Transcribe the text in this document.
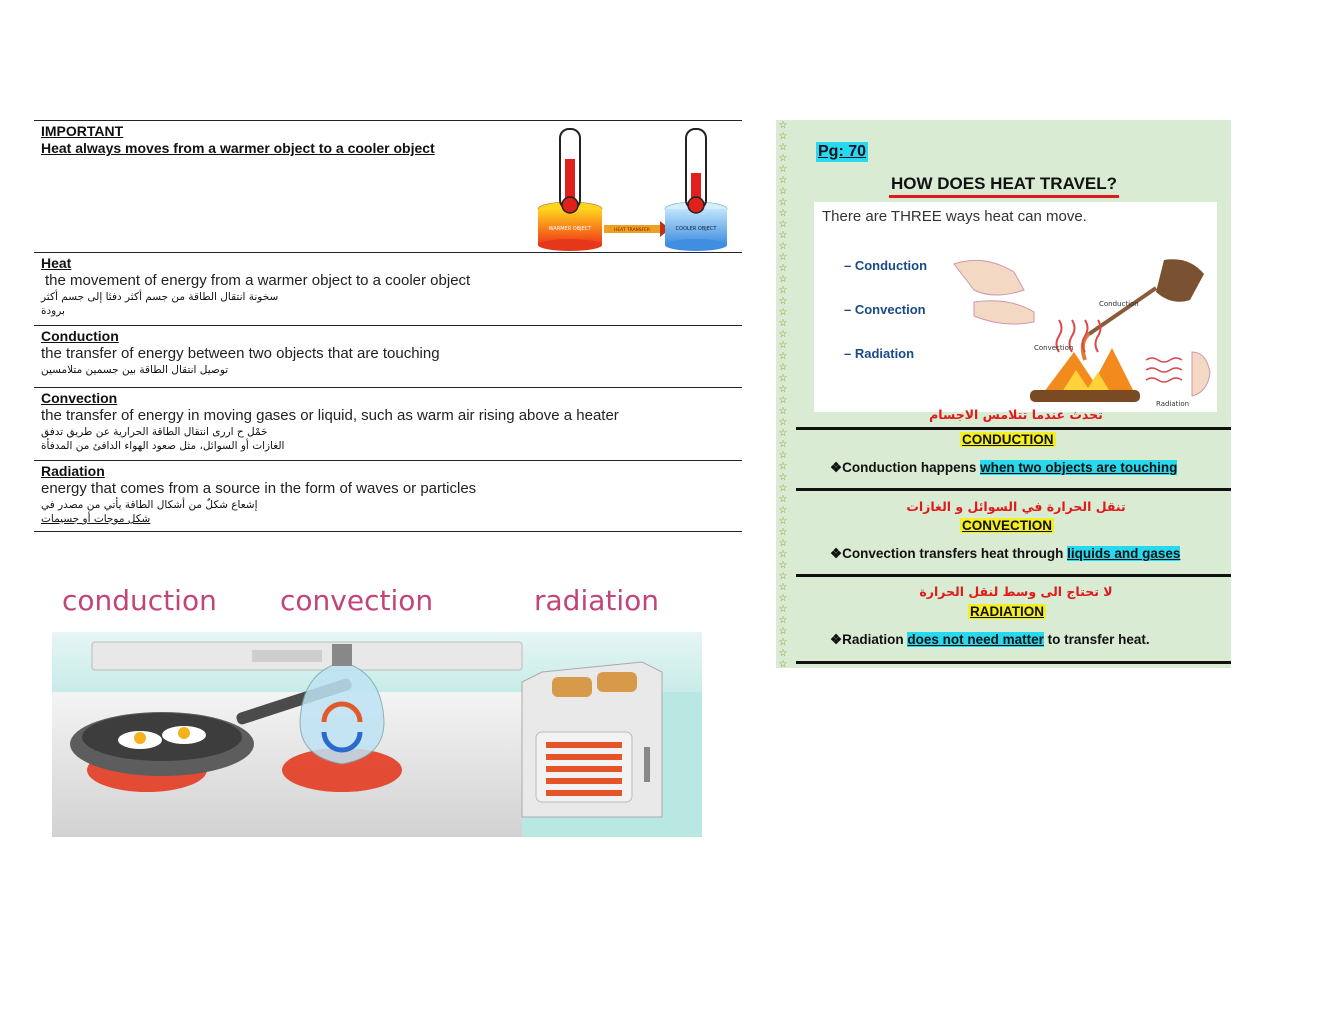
IMPORTANT
Heat always moves from a warmer object to a cooler object
WARMER OBJECT	HEAT TRANSFER	COOLER OBJECT
Heat
the movement of energy from a warmer object to a cooler object
سخونة انتقال الطاقة من جسم أكثر دفئا إلى جسم أكثر
برودة
Conduction
the transfer of energy between two objects that are touching
توصيل انتقال الطاقة بين جسمين متلامسين
Convection
the transfer of energy in moving gases or liquid, such as warm air rising above a heater
حَمْل ح اررى انتقال الطاقة الحرارية عن طريق تدفق
الغازات أو السوائل، مثل صعود الهواء الدافئ من المدفأة
Radiation
energy that comes from a source in the form of waves or particles
إشعاع شكلٌ من أشكال الطاقة يأتي من مصدر في
شكل موجات أو جسيمات
conduction convection	radiation
☆
☆
☆
☆
☆
☆
☆
☆
☆
☆
☆
☆
☆
☆
☆
☆
☆
☆
☆
☆
☆
☆
☆
☆
☆
☆
☆
☆
☆
☆
☆
☆
☆
☆
☆
☆
☆
☆
☆
☆
☆
☆
☆
☆
☆
☆
☆
☆
☆
☆
Pg: 70
HOW DOES HEAT TRAVEL?
There are THREE ways heat can move.
– Conduction
– Convection
– Radiation
Conduction
Convection
Radiation
تحدث عندما تتلامس الاجسام
CONDUCTION
❖Conduction happens when two objects are touching
تنقل الحرارة في السوائل و الغازات
CONVECTION
❖Convection transfers heat through liquids and gases
لا تحتاج الى وسط لنقل الحرارة
RADIATION
❖Radiation does not need matter to transfer heat.
